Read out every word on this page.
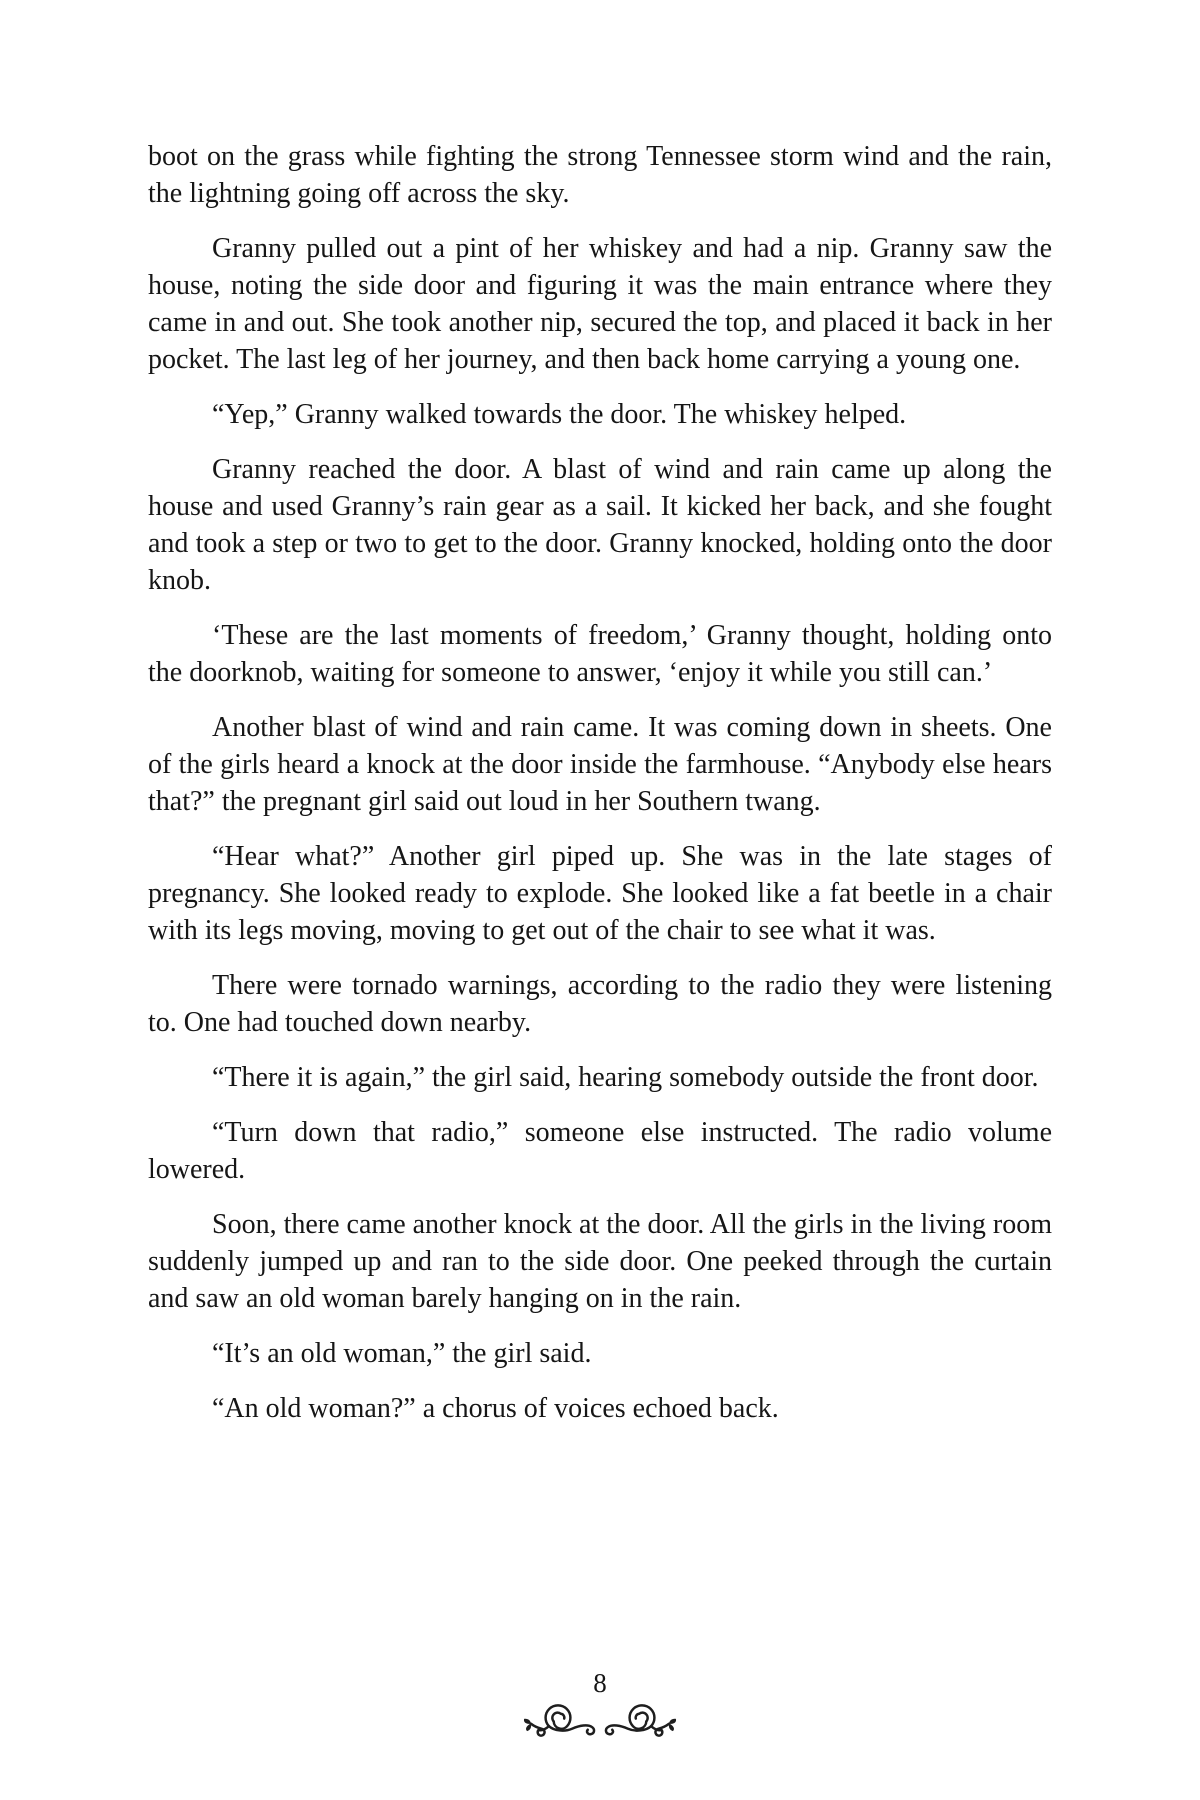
boot on the grass while fighting the strong Tennessee storm wind and the rain, the lightning going off across the sky.

Granny pulled out a pint of her whiskey and had a nip. Granny saw the house, noting the side door and figuring it was the main entrance where they came in and out. She took another nip, secured the top, and placed it back in her pocket. The last leg of her journey, and then back home carrying a young one.

“Yep,” Granny walked towards the door. The whiskey helped.

Granny reached the door. A blast of wind and rain came up along the house and used Granny’s rain gear as a sail. It kicked her back, and she fought and took a step or two to get to the door. Granny knocked, holding onto the door knob.

‘These are the last moments of freedom,’ Granny thought, holding onto the doorknob, waiting for someone to answer, ‘enjoy it while you still can.’

Another blast of wind and rain came. It was coming down in sheets. One of the girls heard a knock at the door inside the farmhouse. “Anybody else hears that?” the pregnant girl said out loud in her Southern twang.

“Hear what?” Another girl piped up. She was in the late stages of pregnancy. She looked ready to explode. She looked like a fat beetle in a chair with its legs moving, moving to get out of the chair to see what it was.

There were tornado warnings, according to the radio they were listening to. One had touched down nearby.

“There it is again,” the girl said, hearing somebody outside the front door.

“Turn down that radio,” someone else instructed. The radio volume lowered.

Soon, there came another knock at the door. All the girls in the living room suddenly jumped up and ran to the side door. One peeked through the curtain and saw an old woman barely hanging on in the rain.

“It’s an old woman,” the girl said.

“An old woman?” a chorus of voices echoed back.

8
